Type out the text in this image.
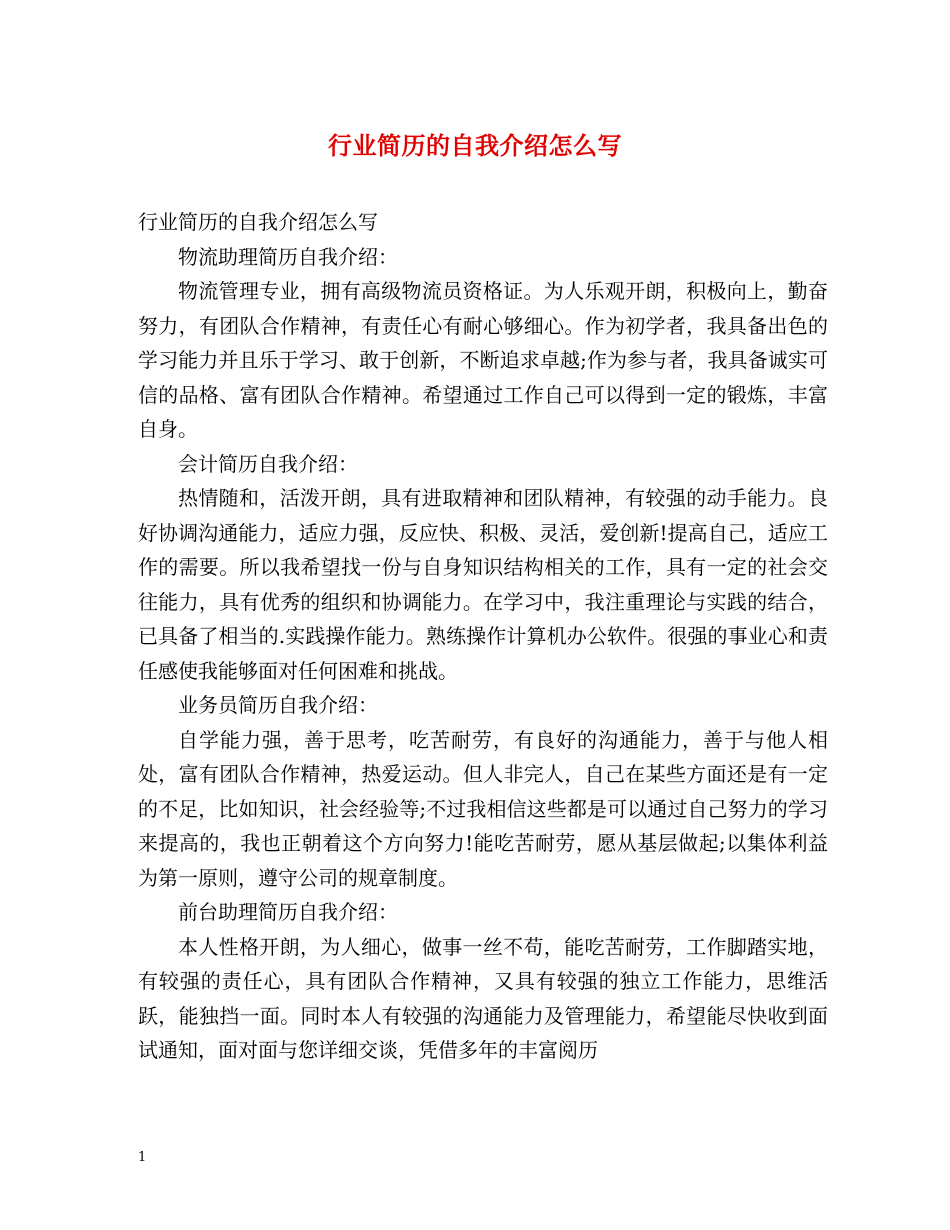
行业简历的自我介绍怎么写

行业简历的自我介绍怎么写

物流助理简历自我介绍：

物流管理专业，拥有高级物流员资格证。为人乐观开朗，积极向上，勤奋努力，有团队合作精神，有责任心有耐心够细心。作为初学者，我具备出色的学习能力并且乐于学习、敢于创新，不断追求卓越;作为参与者，我具备诚实可信的品格、富有团队合作精神。希望通过工作自己可以得到一定的锻炼，丰富自身。

会计简历自我介绍：

热情随和，活泼开朗，具有进取精神和团队精神，有较强的动手能力。良好协调沟通能力，适应力强，反应快、积极、灵活，爱创新!提高自己，适应工作的需要。所以我希望找一份与自身知识结构相关的工作，具有一定的社会交往能力，具有优秀的组织和协调能力。在学习中，我注重理论与实践的结合，已具备了相当的.实践操作能力。熟练操作计算机办公软件。很强的事业心和责任感使我能够面对任何困难和挑战。

业务员简历自我介绍：

自学能力强，善于思考，吃苦耐劳，有良好的沟通能力，善于与他人相处，富有团队合作精神，热爱运动。但人非完人，自己在某些方面还是有一定的不足，比如知识，社会经验等;不过我相信这些都是可以通过自己努力的学习来提高的，我也正朝着这个方向努力!能吃苦耐劳，愿从基层做起;以集体利益为第一原则，遵守公司的规章制度。

前台助理简历自我介绍：

本人性格开朗，为人细心，做事一丝不苟，能吃苦耐劳，工作脚踏实地，有较强的责任心，具有团队合作精神，又具有较强的独立工作能力，思维活跃，能独挡一面。同时本人有较强的沟通能力及管理能力，希望能尽快收到面试通知，面对面与您详细交谈，凭借多年的丰富阅历

1
